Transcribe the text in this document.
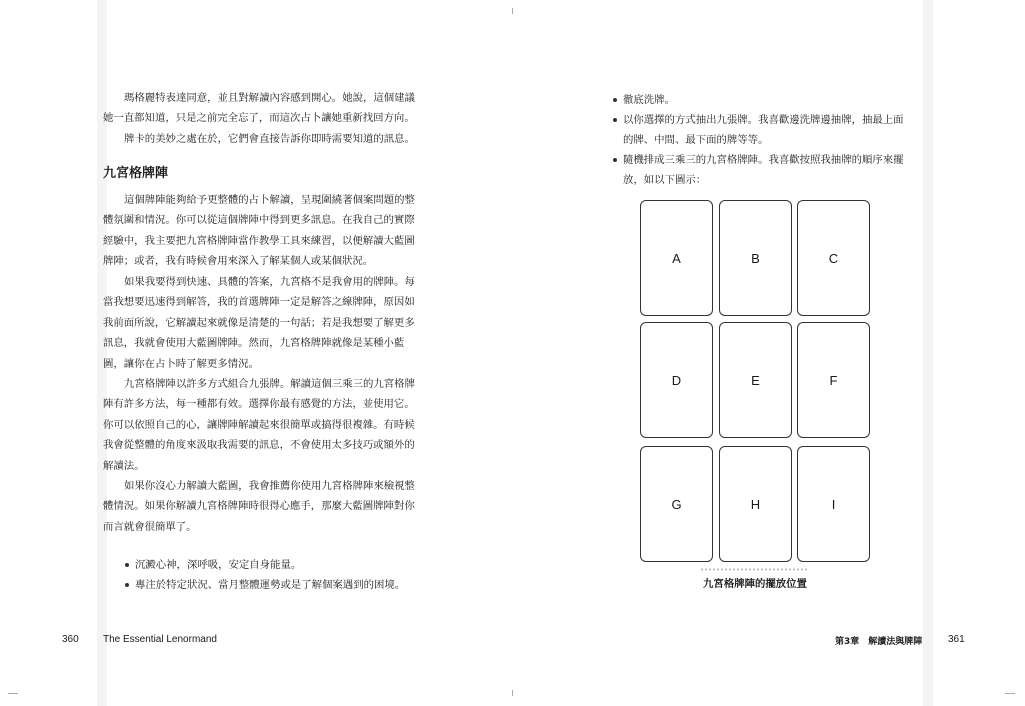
瑪格麗特表達同意，並且對解讀內容感到開心。她說，這個建議
她一直都知道，只是之前完全忘了，而這次占卜讓她重新找回方向。
牌卡的美妙之處在於，它們會直接告訴你即時需要知道的訊息。
九宮格牌陣
這個牌陣能夠給予更整體的占卜解讀，呈現圍繞著個案問題的整
體氛圍和情況。你可以從這個牌陣中得到更多訊息。在我自己的實際
經驗中，我主要把九宮格牌陣當作教學工具來練習，以便解讀大藍圖
牌陣；或者，我有時候會用來深入了解某個人或某個狀況。
如果我要得到快速、具體的答案，九宮格不是我會用的牌陣。每
當我想要迅速得到解答，我的首選牌陣一定是解答之線牌陣，原因如
我前面所說，它解讀起來就像是清楚的一句話；若是我想要了解更多
訊息，我就會使用大藍圖牌陣。然而，九宮格牌陣就像是某種小藍
圖，讓你在占卜時了解更多情況。
九宮格牌陣以許多方式組合九張牌。解讀這個三乘三的九宮格牌
陣有許多方法，每一種都有效。選擇你最有感覺的方法，並使用它。
你可以依照自己的心，讓牌陣解讀起來很簡單或搞得很複雜。有時候
我會從整體的角度來汲取我需要的訊息，不會使用太多技巧或額外的
解讀法。
如果你沒心力解讀大藍圖，我會推薦你使用九宮格牌陣來檢視整
體情況。如果你解讀九宮格牌陣時很得心應手，那麼大藍圖牌陣對你
而言就會很簡單了。
沉澱心神，深呼吸，安定自身能量。
專注於特定狀況、當月整體運勢或是了解個案遇到的困境。
360 The Essential Lenormand
徹底洗牌。
以你選擇的方式抽出九張牌。我喜歡邊洗牌邊抽牌，抽最上面
的牌、中間、最下面的牌等等。
隨機排成三乘三的九宮格牌陣。我喜歡按照我抽牌的順序來擺
放，如以下圖示：
A	B	C
D	E	F
G	H	I
九宮格牌陣的擺放位置
第3章　解讀法與牌陣	361
